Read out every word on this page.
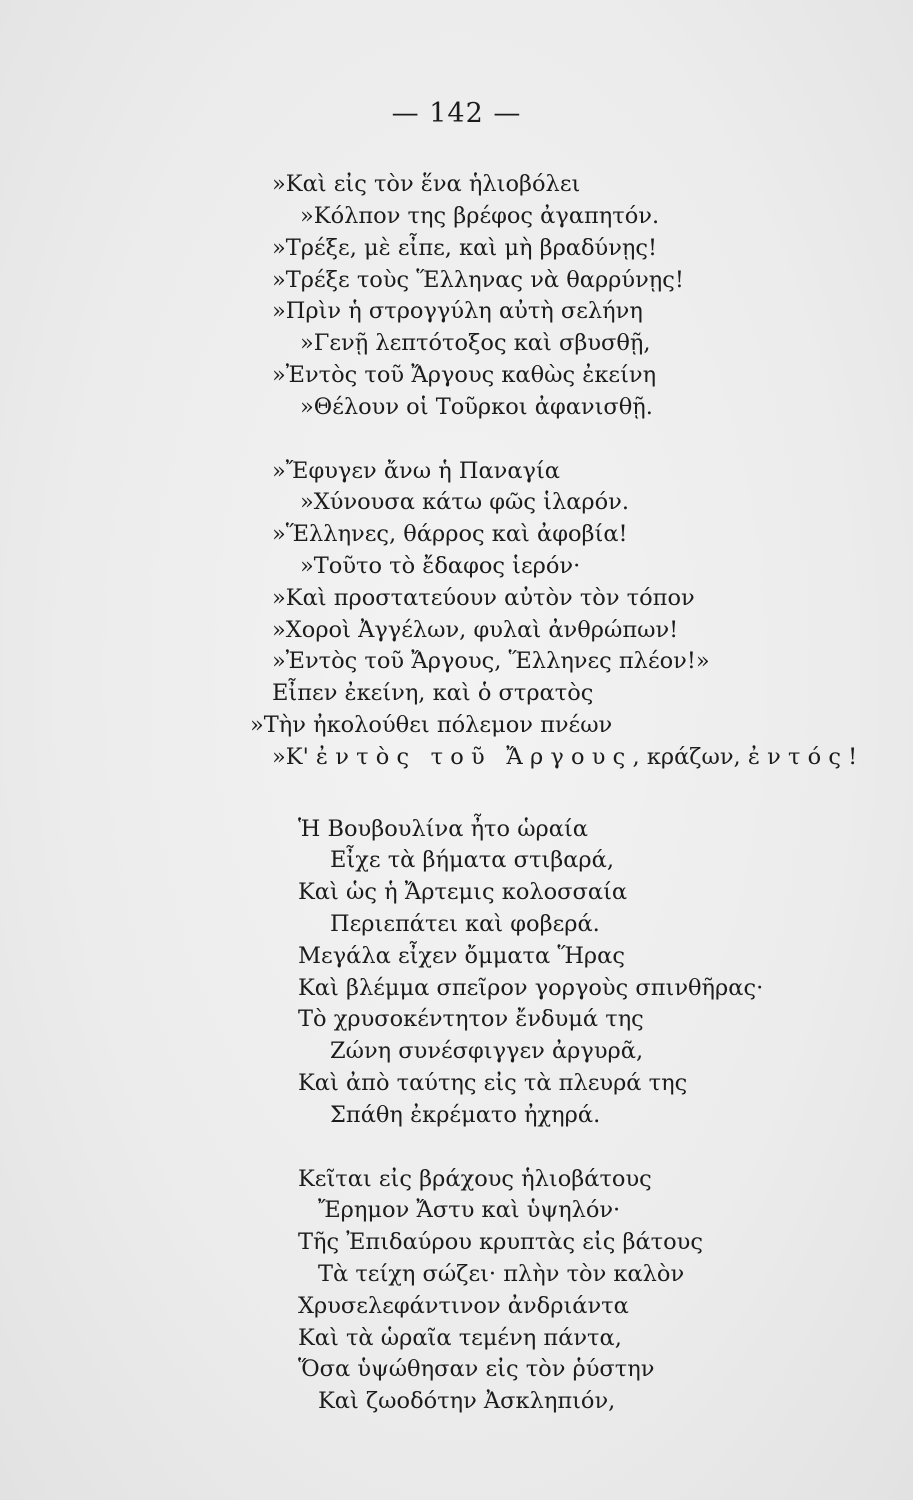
— 142 —
»Καὶ εἰς τὸν ἕνα ἡλιοβόλει
»Κόλπον της βρέφος ἀγαπητόν.
»Τρέξε, μὲ εἶπε, καὶ μὴ βραδύνῃς!
»Τρέξε τοὺς Ἕλληνας νὰ θαρρύνῃς!
»Πρὶν ἡ στρογγύλη αὐτὴ σελήνη
»Γενῇ λεπτότοξος καὶ σβυσθῇ,
»Ἐντὸς τοῦ Ἄργους καθὼς ἐκείνη
»Θέλουν οἱ Τοῦρκοι ἀφανισθῇ.
»Ἔφυγεν ἄνω ἡ Παναγία
»Χύνουσα κάτω φῶς ἱλαρόν.
»Ἕλληνες, θάρρος καὶ ἀφοβία!
»Τοῦτο τὸ ἔδαφος ἱερόν·
»Καὶ προστατεύουν αὐτὸν τὸν τόπον
»Χοροὶ Ἀγγέλων, φυλαὶ ἀνθρώπων!
»Ἐντὸς τοῦ Ἄργους, Ἕλληνες πλέον!»
Εἶπεν ἐκείνη, καὶ ὁ στρατὸς
»Τὴν ἠκολούθει πόλεμον πνέων
»Κ' ἐντὸς τοῦ Ἄργους,κράζων, ἐντός!
Ἡ Βουβουλίνα ἦτο ὡραία
Εἶχε τὰ βήματα στιβαρά,
Καὶ ὡς ἡ Ἄρτεμις κολοσσαία
Περιεπάτει καὶ φοβερά.
Μεγάλα εἶχεν ὄμματα Ἥρας
Καὶ βλέμμα σπεῖρον γοργοὺς σπινθῆρας·
Τὸ χρυσοκέντητον ἔνδυμά της
Ζώνη συνέσφιγγεν ἀργυρᾶ,
Καὶ ἀπὸ ταύτης εἰς τὰ πλευρά της
Σπάθη ἐκρέματο ἠχηρά.
Κεῖται εἰς βράχους ἡλιοβάτους
Ἔρημον Ἄστυ καὶ ὑψηλόν·
Τῆς Ἐπιδαύρου κρυπτὰς εἰς βάτους
Τὰ τείχη σώζει· πλὴν τὸν καλὸν
Χρυσελεφάντινον ἀνδριάντα
Καὶ τὰ ὡραῖα τεμένη πάντα,
Ὅσα ὑψώθησαν εἰς τὸν ῥύστην
Καὶ ζωοδότην Ἀσκληπιόν,
